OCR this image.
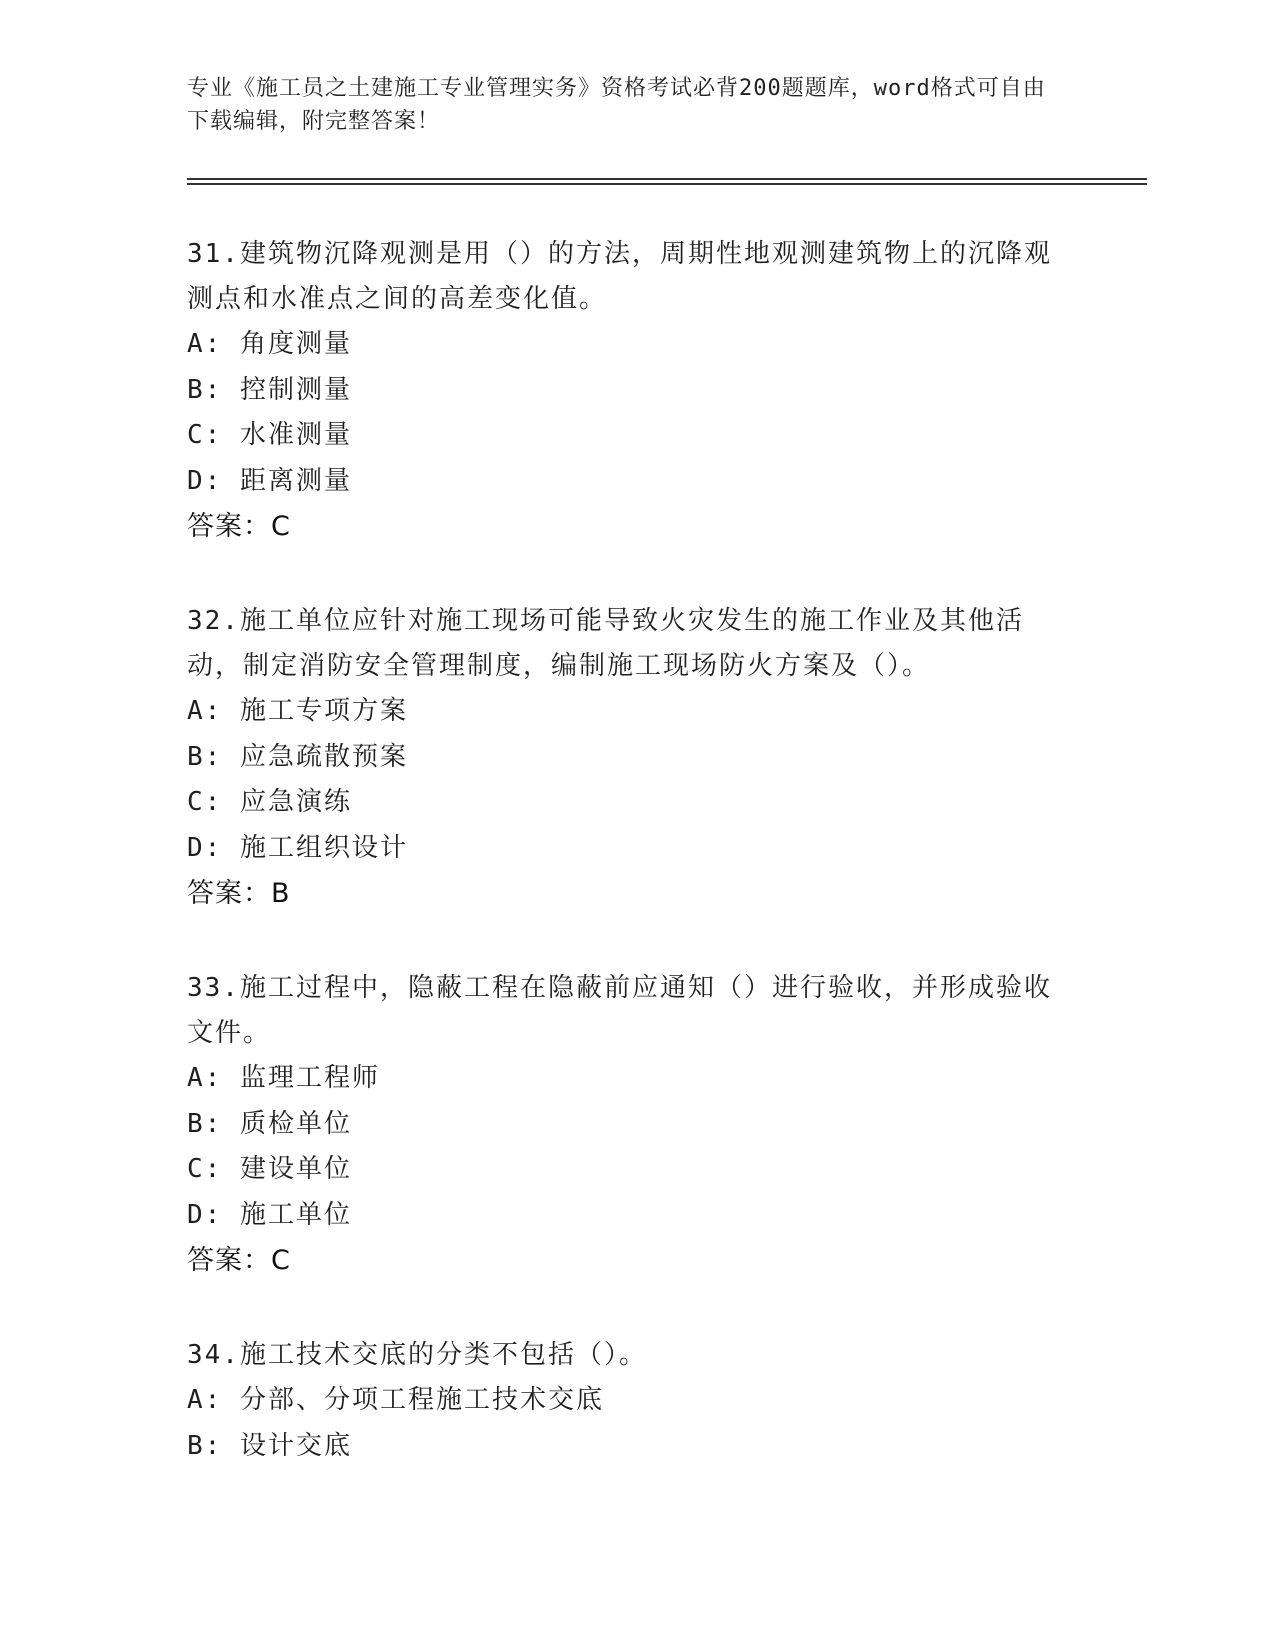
专业《施工员之土建施工专业管理实务》资格考试必背200题题库，word格式可自由下载编辑，附完整答案！
31.建筑物沉降观测是用（）的方法，周期性地观测建筑物上的沉降观测点和水准点之间的高差变化值。
A: 角度测量
B: 控制测量
C: 水准测量
D: 距离测量
答案：C
32.施工单位应针对施工现场可能导致火灾发生的施工作业及其他活动，制定消防安全管理制度，编制施工现场防火方案及（）。
A: 施工专项方案
B: 应急疏散预案
C: 应急演练
D: 施工组织设计
答案：B
33.施工过程中，隐蔽工程在隐蔽前应通知（）进行验收，并形成验收文件。
A: 监理工程师
B: 质检单位
C: 建设单位
D: 施工单位
答案：C
34.施工技术交底的分类不包括（）。
A: 分部、分项工程施工技术交底
B: 设计交底
